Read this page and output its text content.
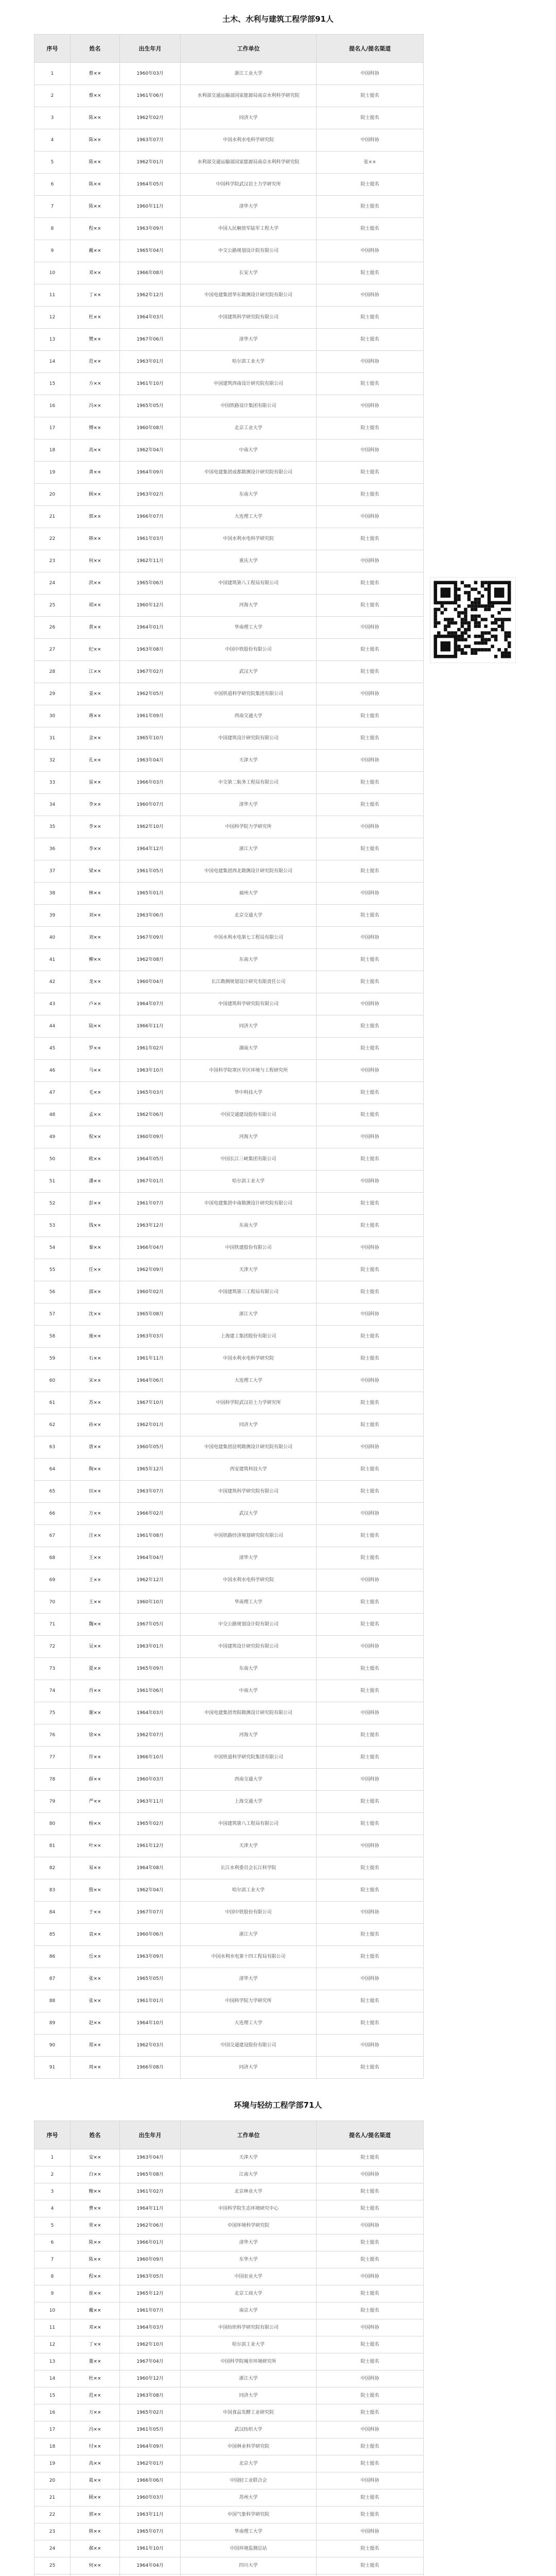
土木、水利与建筑工程学部91人
序号	姓名	出生年月	工作单位	提名人/提名渠道
1	蔡××	1960年03月	浙江工业大学	中国科协
2	蔡××	1961年06月	水利部交通运输部国家能源局南京水利科学研究院	院士提名
3	陈××	1962年02月	同济大学	院士提名
4	陈××	1963年07月	中国水利水电科学研究院	中国科协
5	陈××	1962年01月	水利部交通运输部国家能源局南京水利科学研究院	张××
6	陈××	1964年05月	中国科学院武汉岩土力学研究所	院士提名
7	陈××	1960年11月	清华大学	院士提名
8	程××	1963年09月	中国人民解放军陆军工程大学	院士提名
9	戴××	1965年04月	中交公路规划设计院有限公司	中国科协
10	邓××	1966年08月	长安大学	院士提名
11	丁××	1962年12月	中国电建集团华东勘测设计研究院有限公司	中国科协
12	杜××	1964年03月	中国建筑科学研究院有限公司	院士提名
13	樊××	1967年06月	清华大学	院士提名
14	范××	1963年01月	哈尔滨工业大学	中国科协
15	方××	1961年10月	中国建筑西南设计研究院有限公司	院士提名
16	冯××	1965年05月	中国铁路设计集团有限公司	中国科协
17	傅××	1960年08月	北京工业大学	院士提名
18	高××	1962年04月	中南大学	中国科协
19	龚××	1964年09月	中国电建集团成都勘测设计研究院有限公司	院士提名
20	顾××	1963年02月	东南大学	院士提名
21	郭××	1966年07月	大连理工大学	中国科协
22	韩××	1961年03月	中国水利水电科学研究院	院士提名
23	何××	1962年11月	重庆大学	中国科协
24	洪××	1965年06月	中国建筑第八工程局有限公司	院士提名
25	胡××	1960年12月	河海大学	院士提名
26	黄××	1964年01月	华南理工大学	中国科协
27	纪××	1963年08月	中国中铁股份有限公司	院士提名
28	江××	1967年02月	武汉大学	院士提名
29	姜××	1962年05月	中国铁道科学研究院集团有限公司	中国科协
30	蒋××	1961年09月	西南交通大学	院士提名
31	金××	1965年10月	中国建筑设计研究院有限公司	院士提名
32	孔××	1963年04月	天津大学	中国科协
33	雷××	1966年03月	中交第二航务工程局有限公司	院士提名
34	李××	1960年07月	清华大学	院士提名
35	李××	1962年10月	中国科学院力学研究所	中国科协
36	李××	1964年12月	浙江大学	院士提名
37	梁××	1961年05月	中国电建集团西北勘测设计研究院有限公司	院士提名
38	林××	1965年01月	福州大学	中国科协
39	刘××	1963年06月	北京交通大学	院士提名
40	刘××	1967年09月	中国水利水电第七工程局有限公司	中国科协
41	柳××	1962年08月	东南大学	院士提名
42	龙××	1960年04月	长江勘测规划设计研究有限责任公司	院士提名
43	卢××	1964年07月	中国建筑科学研究院有限公司	中国科协
44	陆××	1966年11月	同济大学	院士提名
45	罗××	1961年02月	湖南大学	院士提名
46	马××	1963年10月	中国科学院寒区旱区环境与工程研究所	中国科协
47	毛××	1965年03月	华中科技大学	院士提名
48	孟××	1962年06月	中国交通建设股份有限公司	院士提名
49	倪××	1960年09月	河海大学	中国科协
50	欧××	1964年05月	中国长江三峡集团有限公司	院士提名
51	潘××	1967年01月	哈尔滨工业大学	中国科协
52	彭××	1961年07月	中国电建集团中南勘测设计研究院有限公司	院士提名
53	钱××	1963年12月	东南大学	院士提名
54	秦××	1966年04月	中国铁建股份有限公司	中国科协
55	任××	1962年09月	天津大学	院士提名
56	邵××	1960年02月	中国建筑第三工程局有限公司	院士提名
57	沈××	1965年08月	浙江大学	中国科协
58	施××	1963年03月	上海建工集团股份有限公司	院士提名
59	石××	1961年11月	中国水利水电科学研究院	院士提名
60	宋××	1964年06月	大连理工大学	中国科协
61	苏××	1967年10月	中国科学院武汉岩土力学研究所	院士提名
62	孙××	1962年01月	同济大学	院士提名
63	唐××	1960年05月	中国电建集团昆明勘测设计研究院有限公司	中国科协
64	陶××	1965年12月	西安建筑科技大学	院士提名
65	田××	1963年07月	中国建筑科学研究院有限公司	院士提名
66	万××	1966年02月	武汉大学	中国科协
67	汪××	1961年08月	中国铁路经济规划研究院有限公司	院士提名
68	王××	1964年04月	清华大学	院士提名
69	王××	1962年12月	中国水利水电科学研究院	中国科协
70	王××	1960年10月	华南理工大学	院士提名
71	魏××	1967年05月	中交公路规划设计院有限公司	院士提名
72	吴××	1963年01月	中国建筑设计研究院有限公司	中国科协
73	夏××	1965年09月	东南大学	院士提名
74	肖××	1961年06月	中南大学	院士提名
75	谢××	1964年03月	中国电建集团贵阳勘测设计研究院有限公司	中国科协
76	徐××	1962年07月	河海大学	院士提名
77	许××	1966年10月	中国铁道科学研究院集团有限公司	院士提名
78	薛××	1960年03月	西南交通大学	中国科协
79	严××	1963年11月	上海交通大学	院士提名
80	杨××	1965年02月	中国建筑第八工程局有限公司	院士提名
81	叶××	1961年12月	天津大学	中国科协
82	易××	1964年08月	长江水利委员会长江科学院	院士提名
83	殷××	1962年04月	哈尔滨工业大学	院士提名
84	于××	1967年07月	中国中铁股份有限公司	中国科协
85	袁××	1960年06月	浙江大学	院士提名
86	岳××	1963年09月	中国水利水电第十四工程局有限公司	院士提名
87	张××	1965年05月	清华大学	中国科协
88	张××	1961年01月	中国科学院力学研究所	院士提名
89	赵××	1964年10月	大连理工大学	院士提名
90	郑××	1962年03月	中国交通建设股份有限公司	中国科协
91	周××	1966年08月	同济大学	院士提名
环境与轻纺工程学部71人
序号	姓名	出生年月	工作单位	提名人/提名渠道
1	安××	1963年04月	天津大学	院士提名
2	白××	1965年08月	江南大学	中国科协
3	鲍××	1961年02月	北京林业大学	院士提名
4	曹××	1964年11月	中国科学院生态环境研究中心	院士提名
5	常××	1962年06月	中国环境科学研究院	中国科协
6	陈××	1966年01月	清华大学	院士提名
7	陈××	1960年09月	东华大学	院士提名
8	程××	1963年05月	中国农业大学	中国科协
9	崔××	1965年12月	北京工商大学	院士提名
10	戴××	1961年07月	南京大学	院士提名
11	邓××	1964年03月	中国纺织科学研究院有限公司	中国科协
12	丁××	1962年10月	哈尔滨工业大学	院士提名
13	董××	1967年04月	中国科学院城市环境研究所	院士提名
14	杜××	1960年12月	浙江大学	中国科协
15	范××	1963年08月	同济大学	院士提名
16	方××	1965年02月	中国食品发酵工业研究院	院士提名
17	冯××	1961年05月	武汉纺织大学	中国科协
18	付××	1964年09月	中国林业科学研究院	院士提名
19	高××	1962年01月	北京大学	院士提名
20	葛××	1966年06月	中国轻工业联合会	中国科协
21	顾××	1960年03月	苏州大学	院士提名
22	郭××	1963年11月	中国气象科学研究院	院士提名
23	韩××	1965年07月	华南理工大学	中国科协
24	郝××	1961年10月	中国环境监测总站	院士提名
25	何××	1964年04月	四川大学	院士提名
